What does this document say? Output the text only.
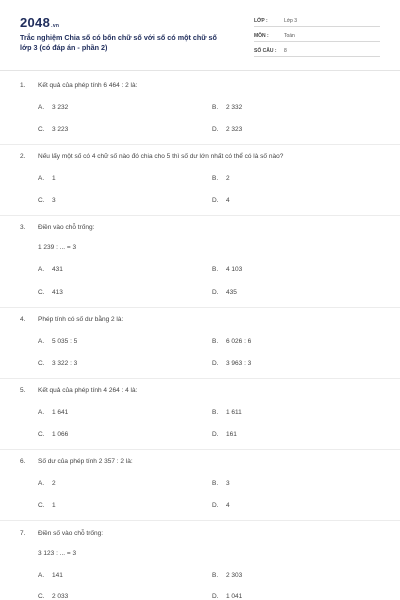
2048.vn
Trắc nghiệm Chia số có bốn chữ số với số có một chữ số
lớp 3 (có đáp án - phần 2)
LỚP :	Lớp 3
MÔN :	Toán
SỐ CÂU : 8
1. Kết quả của phép tính 6 464 : 2 là:
A. 3 232	B. 2 332
C. 3 223	D. 2 323
2. Nếu lấy một số có 4 chữ số nào đó chia cho 5 thì số dư lớn nhất có thể có là số nào?
A. 1	B. 2
C. 3	D. 4
3. Điền vào chỗ trống:
1 239 : ... = 3
A. 431	B. 4 103
C. 413	D. 435
4. Phép tính có số dư bằng 2 là:
A. 5 035 : 5	B. 6 026 : 6
C. 3 322 : 3	D. 3 963 : 3
5. Kết quả của phép tính 4 264 : 4 là:
A. 1 641	B. 1 611
C. 1 066	D. 161
6. Số dư của phép tính 2 357 : 2 là:
A. 2	B. 3
C. 1	D. 4
7. Điền số vào chỗ trống:
3 123 : ... = 3
A. 141	B. 2 303
C. 2 033	D. 1 041
